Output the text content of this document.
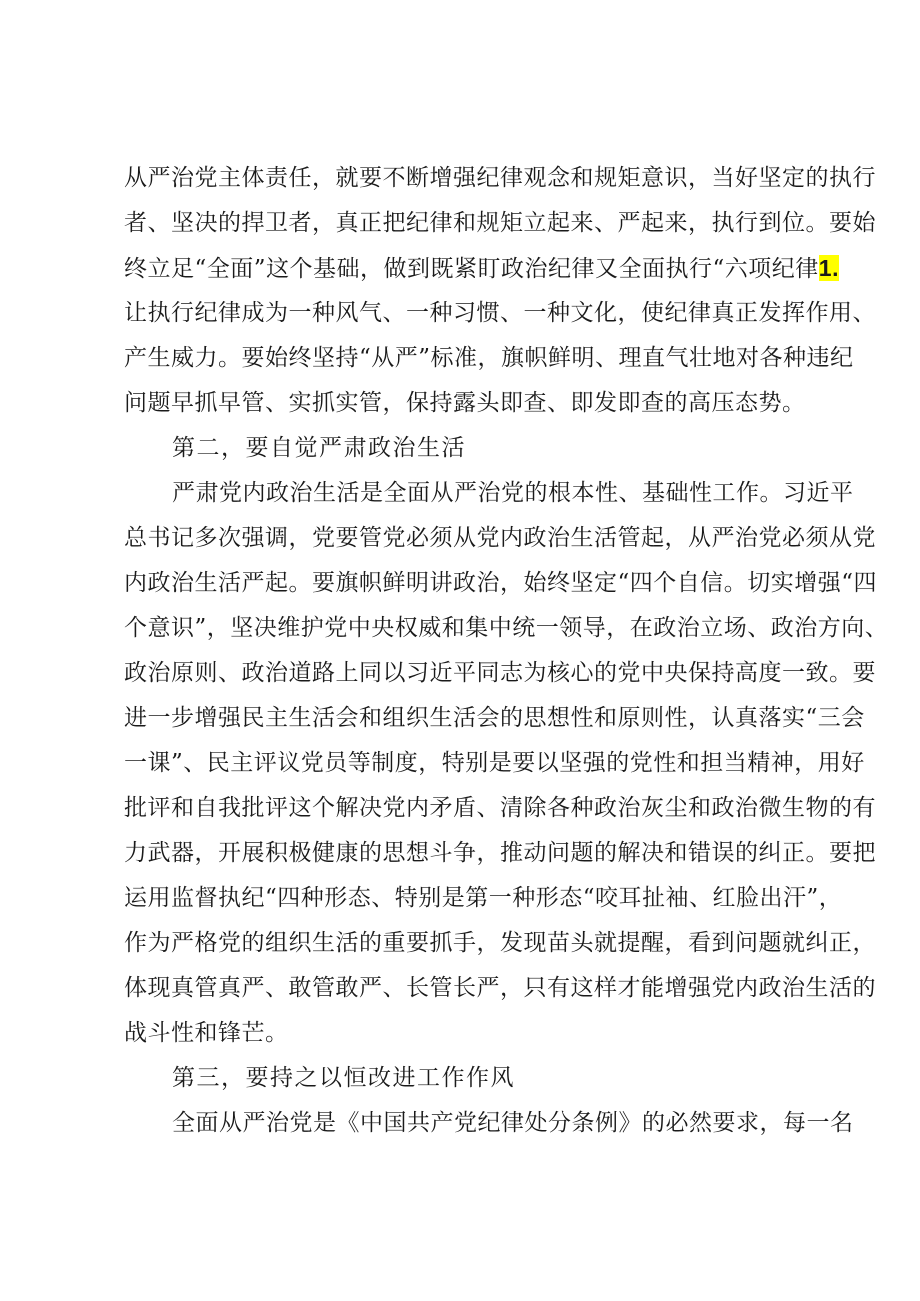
从严治党主体责任，就要不断增强纪律观念和规矩意识，当好坚定的执行
者、坚决的捍卫者，真正把纪律和规矩立起来、严起来，执行到位。要始
终立足“全面”这个基础，做到既紧盯政治纪律又全面执行“六项纪律1.
让执行纪律成为一种风气、一种习惯、一种文化，使纪律真正发挥作用、
产生威力。要始终坚持“从严”标准，旗帜鲜明、理直气壮地对各种违纪
问题早抓早管、实抓实管，保持露头即查、即发即查的高压态势。
第二，要自觉严肃政治生活
严肃党内政治生活是全面从严治党的根本性、基础性工作。习近平
总书记多次强调，党要管党必须从党内政治生活管起，从严治党必须从党
内政治生活严起。要旗帜鲜明讲政治，始终坚定“四个自信。切实增强“四
个意识”，坚决维护党中央权威和集中统一领导，在政治立场、政治方向、
政治原则、政治道路上同以习近平同志为核心的党中央保持高度一致。要
进一步增强民主生活会和组织生活会的思想性和原则性，认真落实“三会
一课”、民主评议党员等制度，特别是要以坚强的党性和担当精神，用好
批评和自我批评这个解决党内矛盾、清除各种政治灰尘和政治微生物的有
力武器，开展积极健康的思想斗争，推动问题的解决和错误的纠正。要把
运用监督执纪“四种形态、特别是第一种形态“咬耳扯袖、红脸出汗”，
作为严格党的组织生活的重要抓手，发现苗头就提醒，看到问题就纠正，
体现真管真严、敢管敢严、长管长严，只有这样才能增强党内政治生活的
战斗性和锋芒。
第三，要持之以恒改进工作作风
全面从严治党是《中国共产党纪律处分条例》的必然要求，每一名
